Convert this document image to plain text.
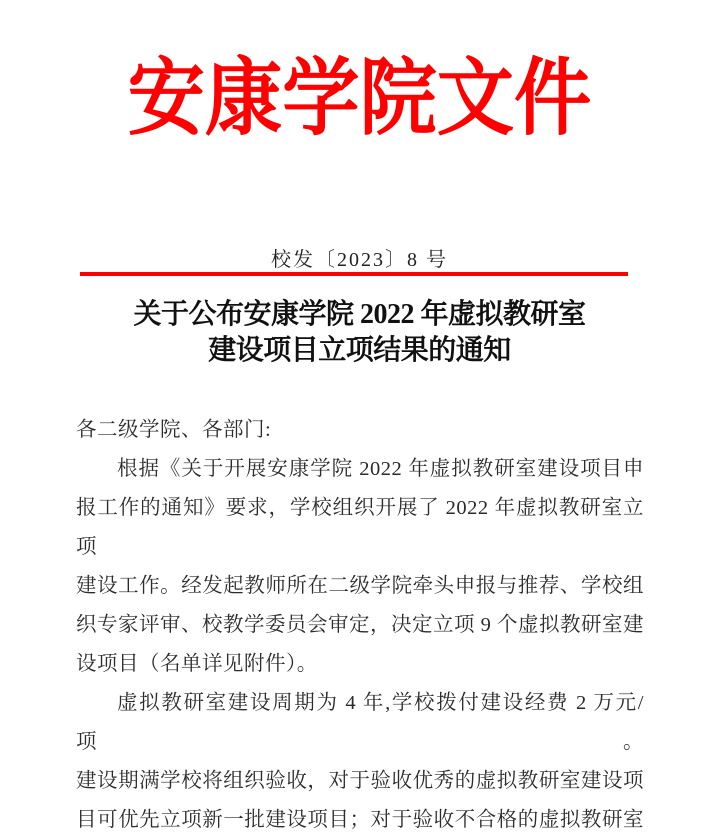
安康学院文件
校发〔2023〕8 号
关于公布安康学院 2022 年虚拟教研室
建设项目立项结果的通知
各二级学院、各部门:
根据《关于开展安康学院 2022 年虚拟教研室建设项目申
报工作的通知》要求，学校组织开展了 2022 年虚拟教研室立项
建设工作。经发起教师所在二级学院牵头申报与推荐、学校组
织专家评审、校教学委员会审定，决定立项 9 个虚拟教研室建
设项目（名单详见附件）。
虚拟教研室建设周期为 4 年,学校拨付建设经费 2 万元/项。
建设期满学校将组织验收，对于验收优秀的虚拟教研室建设项
目可优先立项新一批建设项目；对于验收不合格的虚拟教研室
